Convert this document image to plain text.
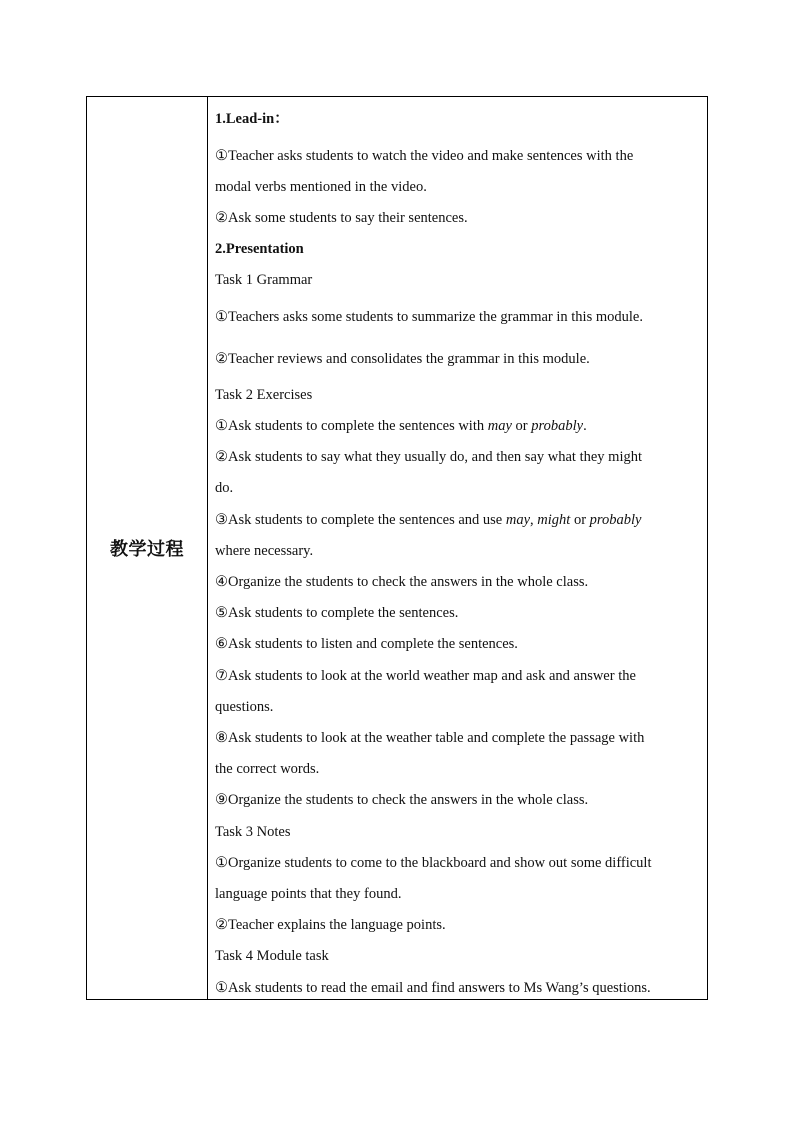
教学过程
1.Lead-in：
①Teacher asks students to watch the video and make sentences with the
modal verbs mentioned in the video.
②Ask some students to say their sentences.
2.Presentation
Task 1 Grammar
①Teachers asks some students to summarize the grammar in this module.
②Teacher reviews and consolidates the grammar in this module.
Task 2 Exercises
①Ask students to complete the sentences with may or probably.
②Ask students to say what they usually do, and then say what they might
do.
③Ask students to complete the sentences and use may, might or probably
where necessary.
④Organize the students to check the answers in the whole class.
⑤Ask students to complete the sentences.
⑥Ask students to listen and complete the sentences.
⑦Ask students to look at the world weather map and ask and answer the
questions.
⑧Ask students to look at the weather table and complete the passage with
the correct words.
⑨Organize the students to check the answers in the whole class.
Task 3 Notes
①Organize students to come to the blackboard and show out some difficult
language points that they found.
②Teacher explains the language points.
Task 4 Module task
①Ask students to read the email and find answers to Ms Wang’s questions.
